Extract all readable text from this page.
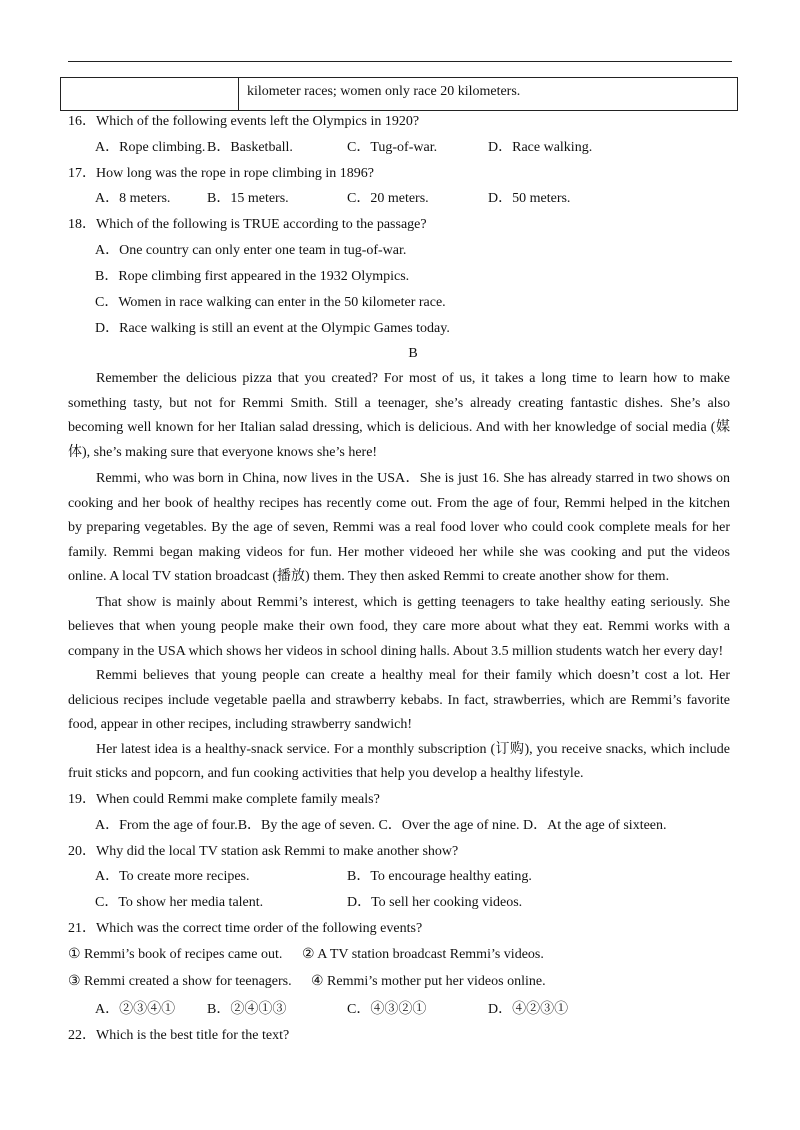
kilometer races; women only race 20 kilometers.
16．Which of the following events left the Olympics in 1920?
A．Rope climbing. B．Basketball.	C．Tug-of-war.	D．Race walking.
17．How long was the rope in rope climbing in 1896?
A．8 meters.	B．15 meters.	C．20 meters.	D．50 meters.
18．Which of the following is TRUE according to the passage?
A．One country can only enter one team in tug-of-war.
B．Rope climbing first appeared in the 1932 Olympics.
C．Women in race walking can enter in the 50 kilometer race.
D．Race walking is still an event at the Olympic Games today.
B
Remember the delicious pizza that you created? For most of us, it takes a long time to learn how to make
something tasty, but not for Remmi Smith. Still a teenager, she’s already creating fantastic dishes. She’s also
becoming well known for her Italian salad dressing, which is delicious. And with her knowledge of social media (媒
体), she’s making sure that everyone knows she’s here!
Remmi, who was born in China, now lives in the USA．She is just 16. She has already starred in two shows on
cooking and her book of healthy recipes has recently come out. From the age of four, Remmi helped in the kitchen
by preparing vegetables. By the age of seven, Remmi was a real food lover who could cook complete meals for her
family. Remmi began making videos for fun. Her mother videoed her while she was cooking and put the videos
online. A local TV station broadcast (播放) them. They then asked Remmi to create another show for them.
That show is mainly about Remmi’s interest, which is getting teenagers to take healthy eating seriously. She
believes that when young people make their own food, they care more about what they eat. Remmi works with a
company in the USA which shows her videos in school dining halls. About 3.5 million students watch her every day!
Remmi believes that young people can create a healthy meal for their family which doesn’t cost a lot. Her
delicious recipes include vegetable paella and strawberry kebabs. In fact, strawberries, which are Remmi’s favorite
food, appear in other recipes, including strawberry sandwich!
Her latest idea is a healthy-snack service. For a monthly subscription (订购), you receive snacks, which include
fruit sticks and popcorn, and fun cooking activities that help you develop a healthy lifestyle.
19．When could Remmi make complete family meals?
A．From the age of four.B．By the age of seven. C．Over the age of nine. D．At the age of sixteen.
20．Why did the local TV station ask Remmi to make another show?
A．To create more recipes.	B．To encourage healthy eating.
C．To show her media talent.	D．To sell her cooking videos.
21．Which was the correct time order of the following events?
① Remmi’s book of recipes came out. ② A TV station broadcast Remmi’s videos.
③ Remmi created a show for teenagers. ④ Remmi’s mother put her videos online.
A．②③④① B．②④①③	C．④③②①	D．④②③①
22．Which is the best title for the text?
